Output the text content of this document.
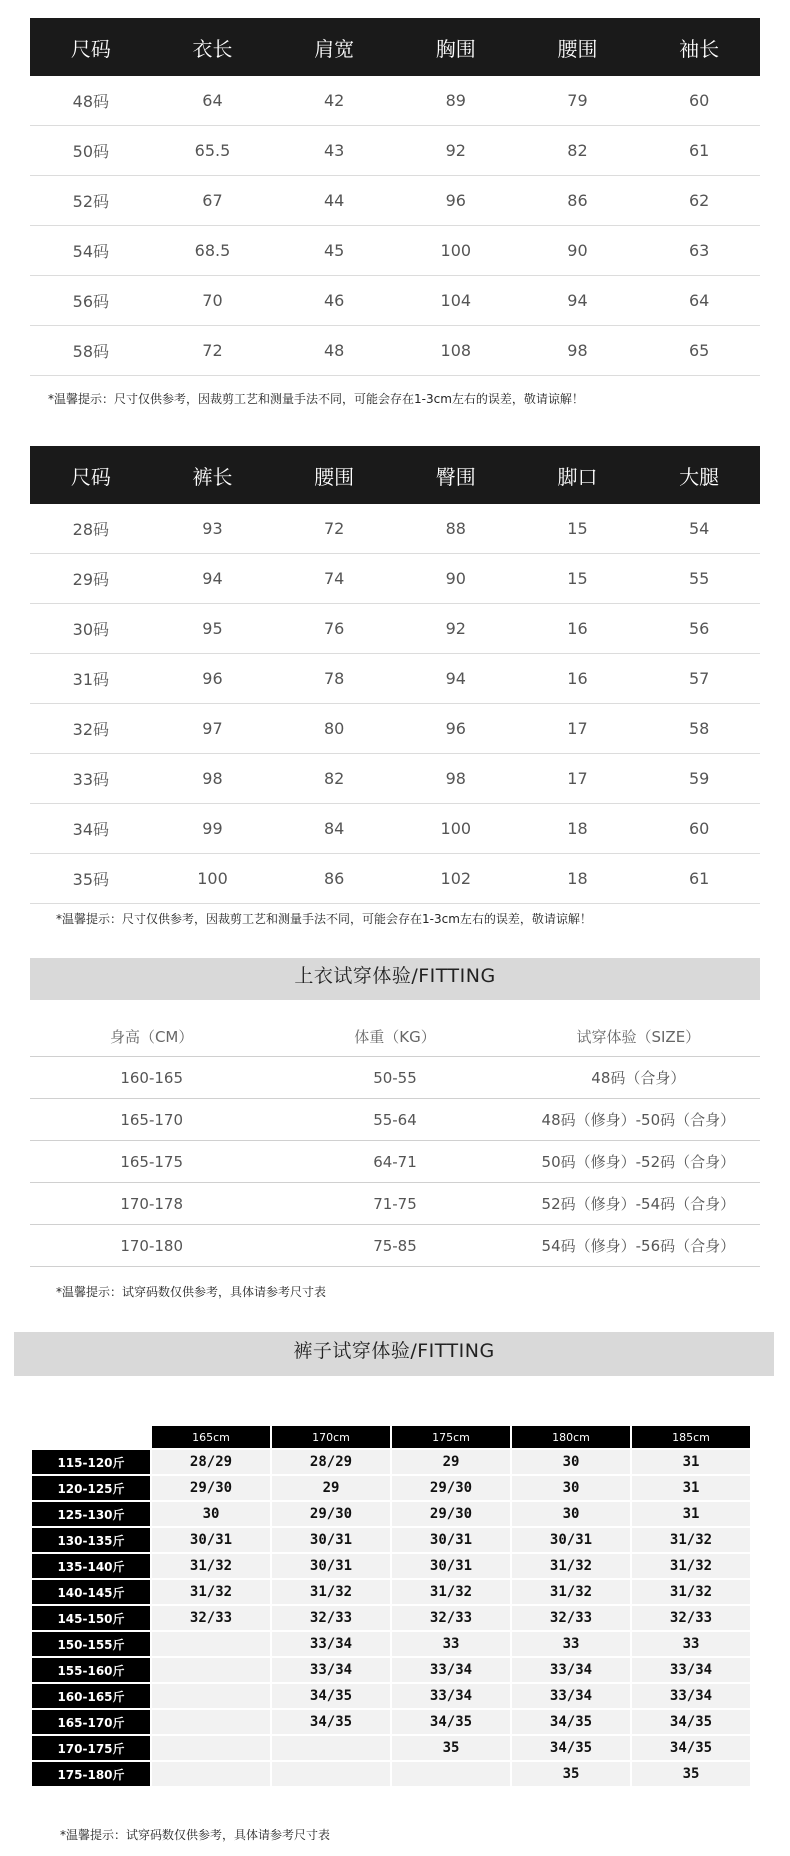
尺码	衣长	肩宽	胸围	腰围	袖长
48码	64	42	89	79	60
50码	65.5	43	92	82	61
52码	67	44	96	86	62
54码	68.5	45	100	90	63
56码	70	46	104	94	64
58码	72	48	108	98	65
*温馨提示：尺寸仅供参考，因裁剪工艺和测量手法不同，可能会存在1-3cm左右的误差，敬请谅解！
尺码	裤长	腰围	臀围	脚口	大腿
28码	93	72	88	15	54
29码	94	74	90	15	55
30码	95	76	92	16	56
31码	96	78	94	16	57
32码	97	80	96	17	58
33码	98	82	98	17	59
34码	99	84	100	18	60
35码	100	86	102	18	61
*温馨提示：尺寸仅供参考，因裁剪工艺和测量手法不同，可能会存在1-3cm左右的误差，敬请谅解！
上衣试穿体验/FITTING
身高（CM）	体重（KG）	试穿体验（SIZE）
160-165	50-55	48码（合身）
165-170	55-64	48码（修身）-50码（合身）
165-175	64-71	50码（修身）-52码（合身）
170-178	71-75	52码（修身）-54码（合身）
170-180	75-85	54码（修身）-56码（合身）
*温馨提示：试穿码数仅供参考，具体请参考尺寸表
裤子试穿体验/FITTING
	165cm	170cm	175cm	180cm	185cm
115-120斤	28/29	28/29	29	30	31
120-125斤	29/30	29	29/30	30	31
125-130斤	30	29/30	29/30	30	31
130-135斤	30/31	30/31	30/31	30/31	31/32
135-140斤	31/32	30/31	30/31	31/32	31/32
140-145斤	31/32	31/32	31/32	31/32	31/32
145-150斤	32/33	32/33	32/33	32/33	32/33
150-155斤		33/34	33	33	33
155-160斤		33/34	33/34	33/34	33/34
160-165斤		34/35	33/34	33/34	33/34
165-170斤		34/35	34/35	34/35	34/35
170-175斤			35	34/35	34/35
175-180斤				35	35
*温馨提示：试穿码数仅供参考，具体请参考尺寸表
